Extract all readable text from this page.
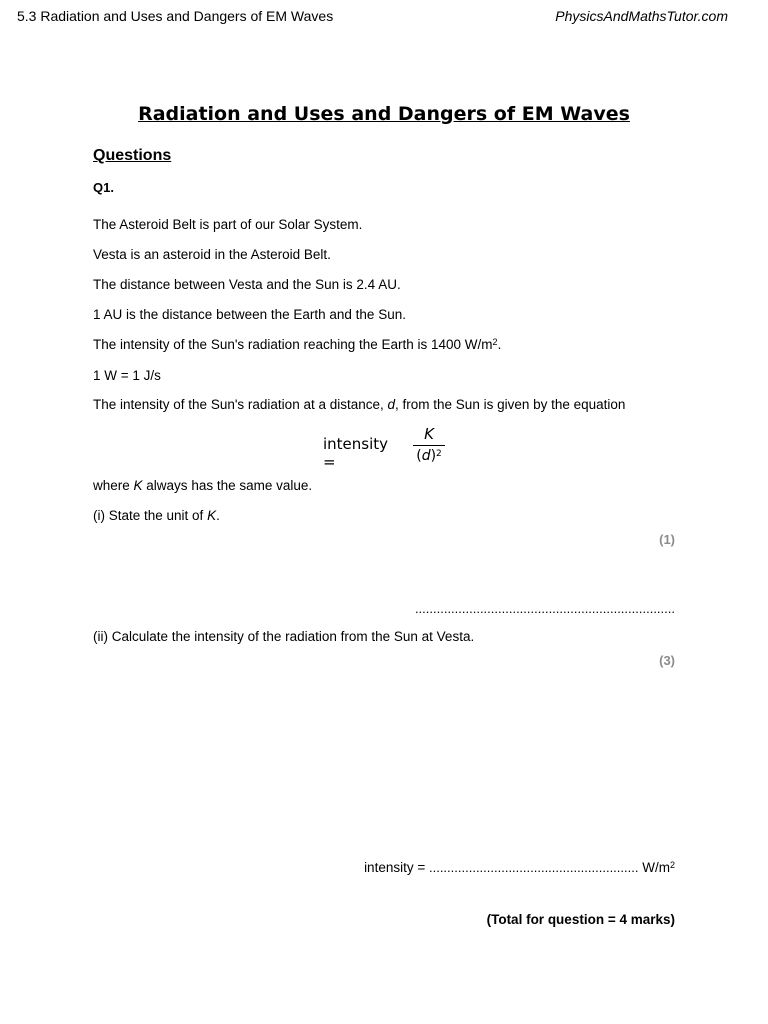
5.3 Radiation and Uses and Dangers of EM Waves	PhysicsAndMathsTutor.com
Radiation and Uses and Dangers of EM Waves
Questions
Q1.
The Asteroid Belt is part of our Solar System.
Vesta is an asteroid in the Asteroid Belt.
The distance between Vesta and the Sun is 2.4 AU.
1 AU is the distance between the Earth and the Sun.
The intensity of the Sun's radiation reaching the Earth is 1400 $W/m^2$.
1 W = 1 J/s
The intensity of the Sun's radiation at a distance, d, from the Sun is given by the equation
intensity =
K
$(d)^2$
where K always has the same value.
(i) State the unit of K.
(1)
........................................................................
(ii) Calculate the intensity of the radiation from the Sun at Vesta.
(3)
intensity = .......................................................... $W/m^2$
(Total for question = 4 marks)
